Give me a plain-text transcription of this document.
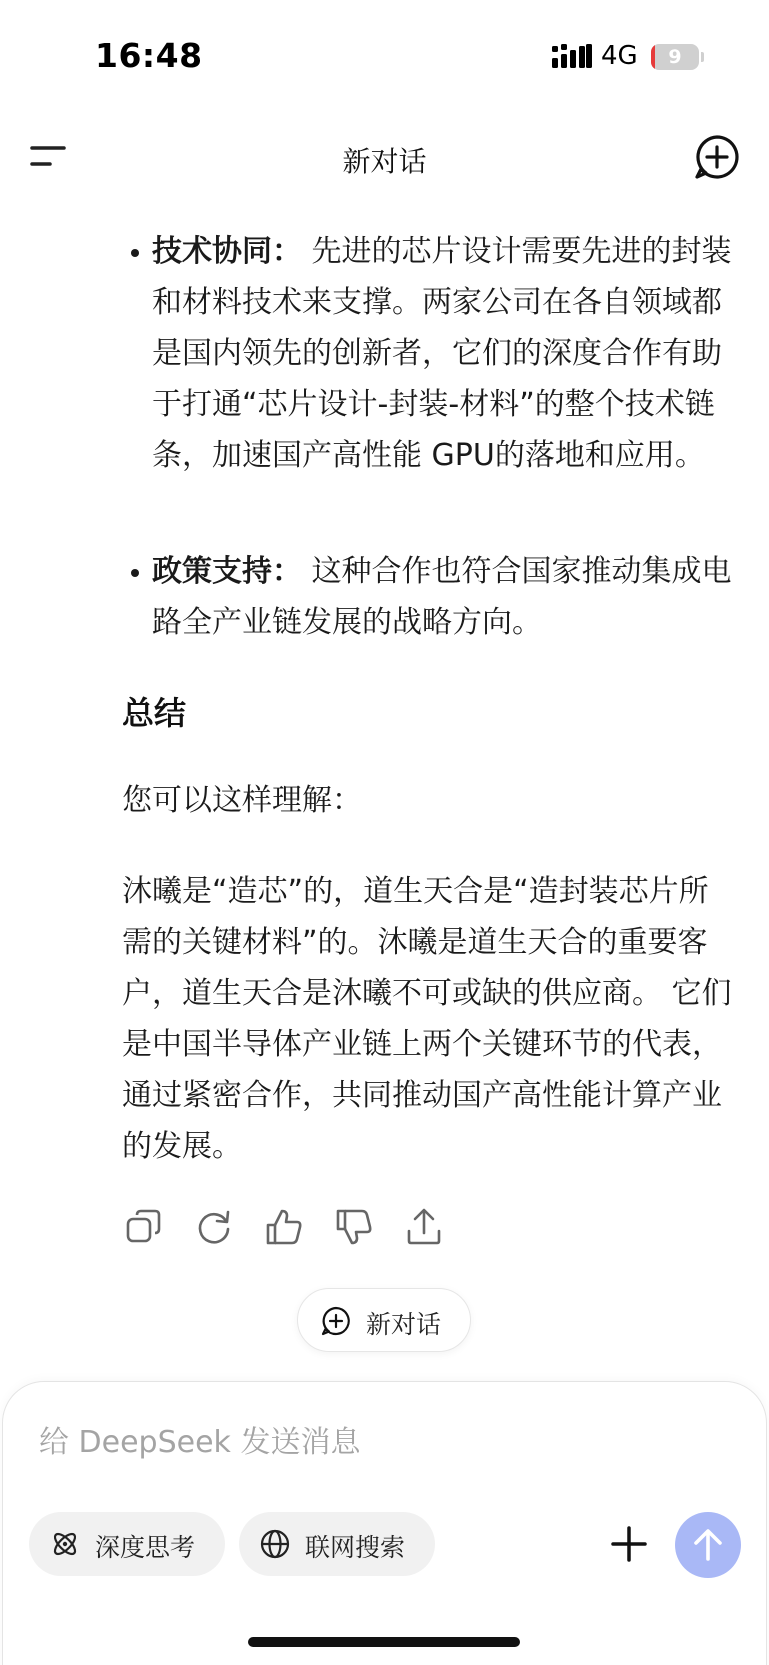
16:48	4G	9
新对话
技术协同： 先进的芯片设计需要先进的封装和材料技术来支撑。两家公司在各自领域都是国内领先的创新者，它们的深度合作有助于打通“芯片设计-封装-材料”的整个技术链条，加速国产高性能 GPU的落地和应用。
政策支持： 这种合作也符合国家推动集成电路全产业链发展的战略方向。
总结
您可以这样理解：
沐曦是“造芯”的，道生天合是“造封装芯片所需的关键材料”的。沐曦是道生天合的重要客户，道生天合是沐曦不可或缺的供应商。 它们是中国半导体产业链上两个关键环节的代表，通过紧密合作，共同推动国产高性能计算产业的发展。
新对话
给 DeepSeek 发送消息
深度思考	联网搜索
